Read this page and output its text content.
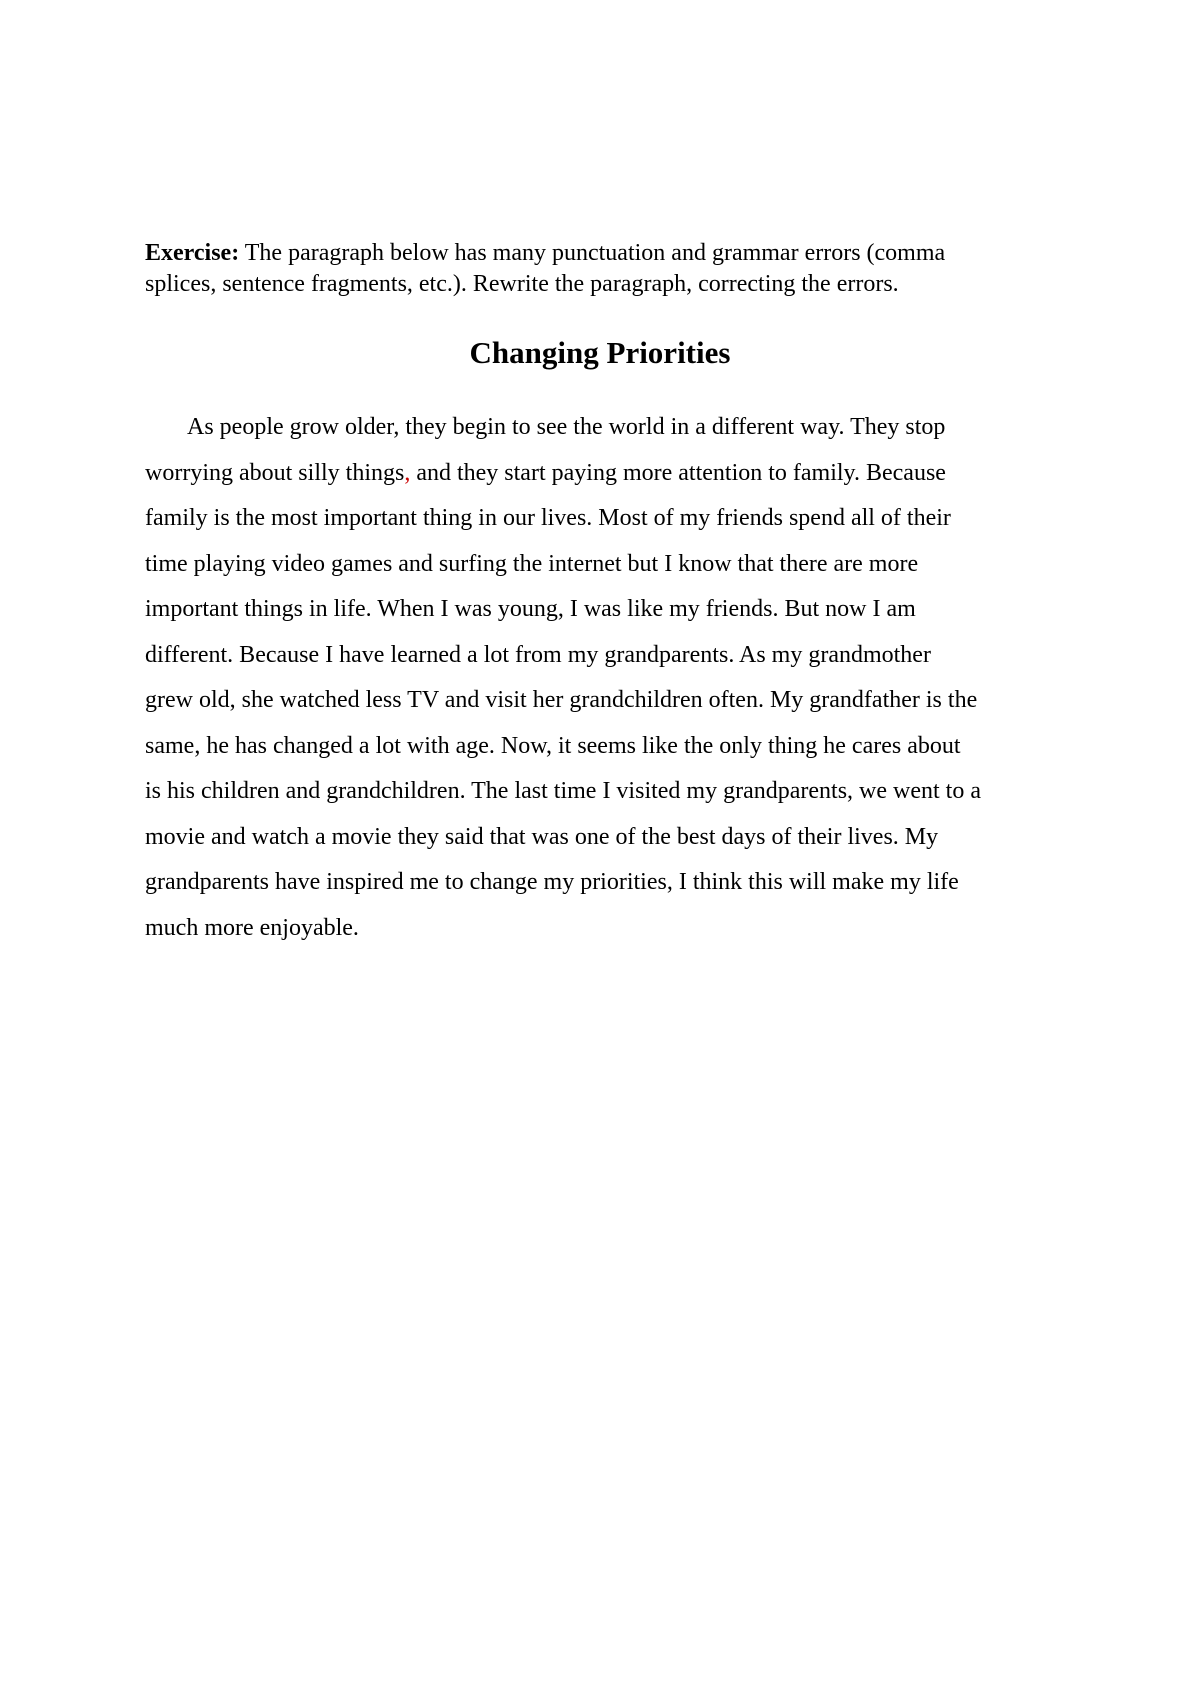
Exercise: The paragraph below has many punctuation and grammar errors (comma
splices, sentence fragments, etc.). Rewrite the paragraph, correcting the errors.

Changing Priorities

As people grow older, they begin to see the world in a different way. They stop
worrying about silly things, and they start paying more attention to family. Because
family is the most important thing in our lives. Most of my friends spend all of their
time playing video games and surfing the internet but I know that there are more
important things in life. When I was young, I was like my friends. But now I am
different. Because I have learned a lot from my grandparents. As my grandmother
grew old, she watched less TV and visit her grandchildren often. My grandfather is the
same, he has changed a lot with age. Now, it seems like the only thing he cares about
is his children and grandchildren. The last time I visited my grandparents, we went to a
movie and watch a movie they said that was one of the best days of their lives. My
grandparents have inspired me to change my priorities, I think this will make my life
much more enjoyable.
